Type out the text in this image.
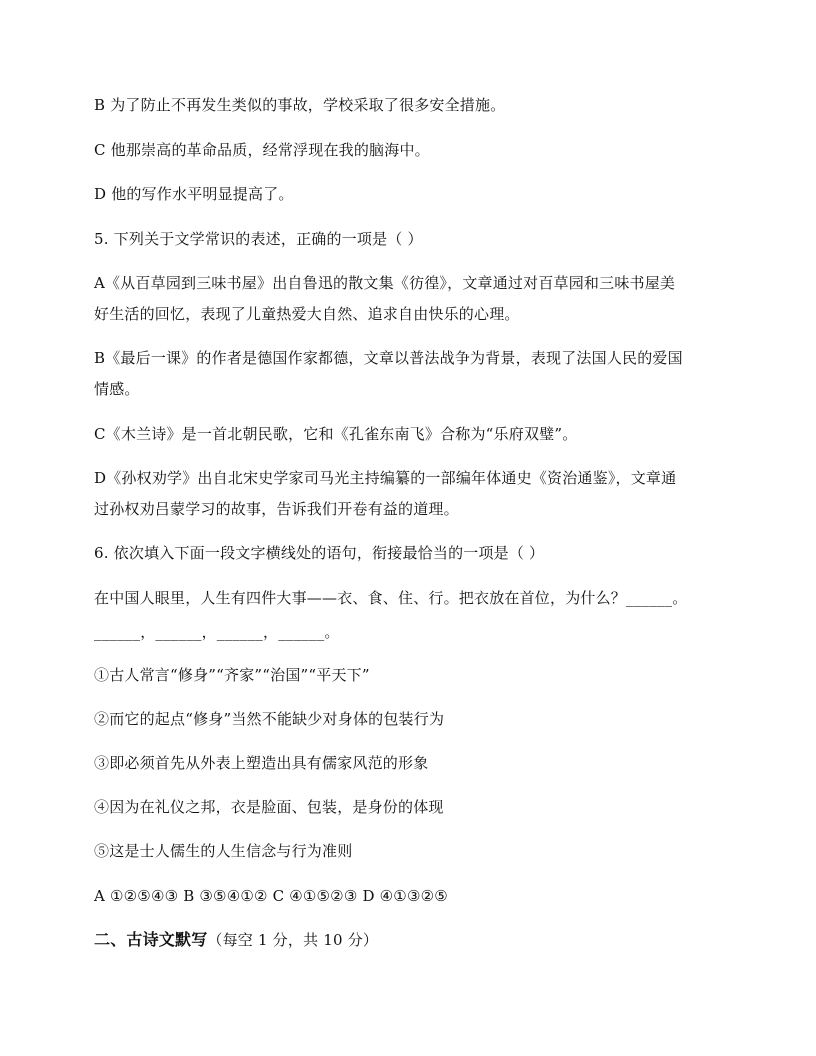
B 为了防止不再发生类似的事故，学校采取了很多安全措施。
C 他那崇高的革命品质，经常浮现在我的脑海中。
D 他的写作水平明显提高了。
5. 下列关于文学常识的表述，正确的一项是（ ）
A《从百草园到三味书屋》出自鲁迅的散文集《彷徨》，文章通过对百草园和三味书屋美
好生活的回忆，表现了儿童热爱大自然、追求自由快乐的心理。
B《最后一课》的作者是德国作家都德，文章以普法战争为背景，表现了法国人民的爱国
情感。
C《木兰诗》是一首北朝民歌，它和《孔雀东南飞》合称为“乐府双璧”。
D《孙权劝学》出自北宋史学家司马光主持编纂的一部编年体通史《资治通鉴》，文章通
过孙权劝吕蒙学习的故事，告诉我们开卷有益的道理。
6. 依次填入下面一段文字横线处的语句，衔接最恰当的一项是（ ）
在中国人眼里，人生有四件大事——衣、食、住、行。把衣放在首位，为什么？______。
______，______，______，______。
①古人常言“修身”“齐家”“治国”“平天下”
②而它的起点“修身”当然不能缺少对身体的包装行为
③即必须首先从外表上塑造出具有儒家风范的形象
④因为在礼仪之邦，衣是脸面、包装，是身份的体现
⑤这是士人儒生的人生信念与行为准则
A ①②⑤④③ B ③⑤④①② C ④①⑤②③ D ④①③②⑤
二、古诗文默写（每空 1 分，共 10 分）
